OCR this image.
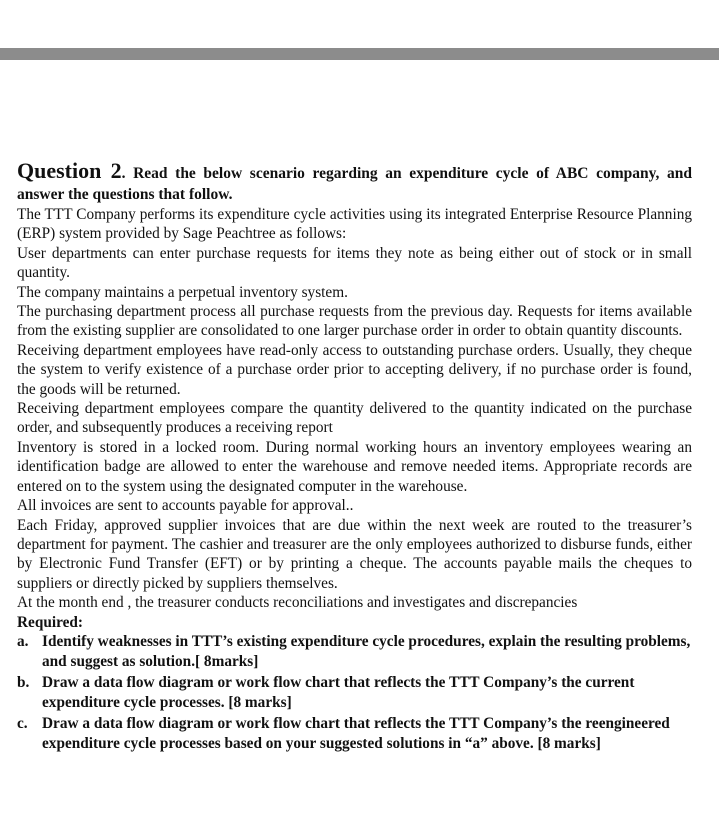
Question 2. Read the below scenario regarding an expenditure cycle of ABC company, and answer the questions that follow.

The TTT Company performs its expenditure cycle activities using its integrated Enterprise Resource Planning (ERP) system provided by Sage Peachtree as follows:

User departments can enter purchase requests for items they note as being either out of stock or in small quantity.

The company maintains a perpetual inventory system.

The purchasing department process all purchase requests from the previous day. Requests for items available from the existing supplier are consolidated to one larger purchase order in order to obtain quantity discounts.

Receiving department employees have read-only access to outstanding purchase orders. Usually, they cheque the system to verify existence of a purchase order prior to accepting delivery, if no purchase order is found, the goods will be returned.

Receiving department employees compare the quantity delivered to the quantity indicated on the purchase order, and subsequently produces a receiving report

Inventory is stored in a locked room. During normal working hours an inventory employees wearing an identification badge are allowed to enter the warehouse and remove needed items. Appropriate records are entered on to the system using the designated computer in the warehouse.

All invoices are sent to accounts payable for approval..

Each Friday, approved supplier invoices that are due within the next week are routed to the treasurer’s department for payment. The cashier and treasurer are the only employees authorized to disburse funds, either by Electronic Fund Transfer (EFT) or by printing a cheque. The accounts payable mails the cheques to suppliers or directly picked by suppliers themselves.

At the month end , the treasurer conducts reconciliations and investigates and discrepancies

Required:

a. Identify weaknesses in TTT’s existing expenditure cycle procedures, explain the resulting problems, and suggest as solution.[ 8marks]
b. Draw a data flow diagram or work flow chart that reflects the TTT Company’s the current expenditure cycle processes. [8 marks]
c. Draw a data flow diagram or work flow chart that reflects the TTT Company’s the reengineered expenditure cycle processes based on your suggested solutions in “a” above. [8 marks]
